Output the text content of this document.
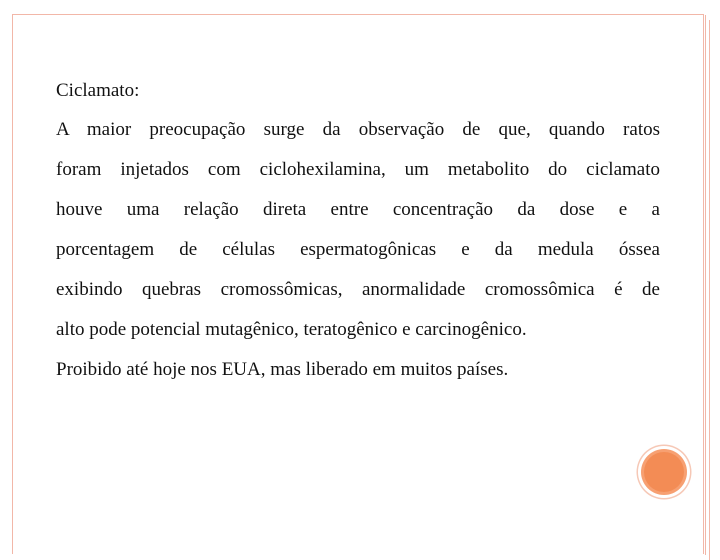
Ciclamato:

A maior preocupação surge da observação de que, quando ratos

foram injetados com ciclohexilamina, um metabolito do ciclamato

houve uma relação direta entre concentração da dose e a

porcentagem de células espermatogônicas e da medula óssea

exibindo quebras cromossômicas, anormalidade cromossômica é de

alto pode potencial mutagênico, teratogênico e carcinogênico.

Proibido até hoje nos EUA, mas liberado em muitos países.
